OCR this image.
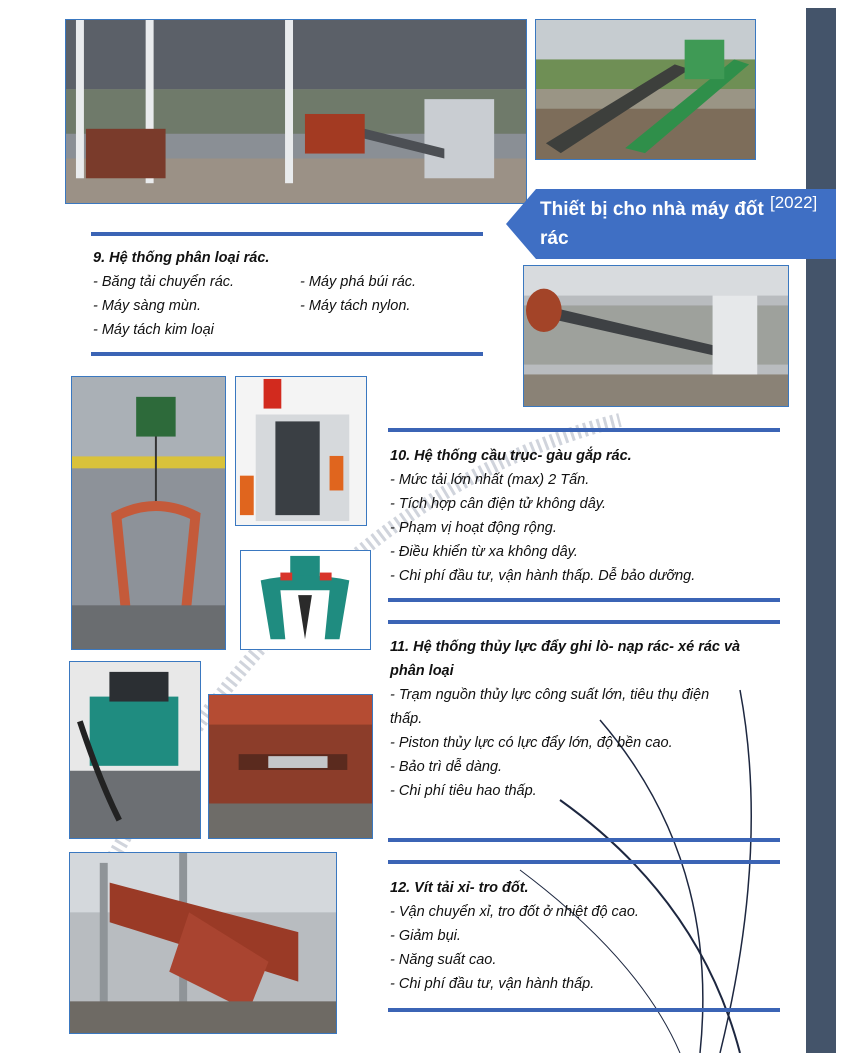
Thiết bị cho nhà máy đốt rác
[2022]
9. Hệ thống phân loại rác.
- Băng tải chuyển rác.	- Máy phá búi rác.
- Máy sàng mùn.	- Máy tách nylon.
- Máy tách kim loại
10. Hệ thống cầu trục- gàu gắp rác.
- Mức tải lớn nhất (max) 2 Tấn.
- Tích hợp cân điện tử không dây.
- Phạm vị hoạt động rộng.
- Điều khiển từ xa không dây.
- Chi phí đầu tư, vận hành thấp. Dễ bảo dưỡng.
11. Hệ thống thủy lực đẩy ghi lò- nạp rác- xé rác và
phân loại
- Trạm nguồn thủy lực công suất lớn, tiêu thụ điện
thấp.
- Piston thủy lực có lực đẩy lớn, độ bền cao.
- Bảo trì dễ dàng.
- Chi phí tiêu hao thấp.
12. Vít tải xỉ- tro đốt.
- Vận chuyển xỉ, tro đốt ở nhiệt độ cao.
- Giảm bụi.
- Năng suất cao.
- Chi phí đầu tư, vận hành thấp.
